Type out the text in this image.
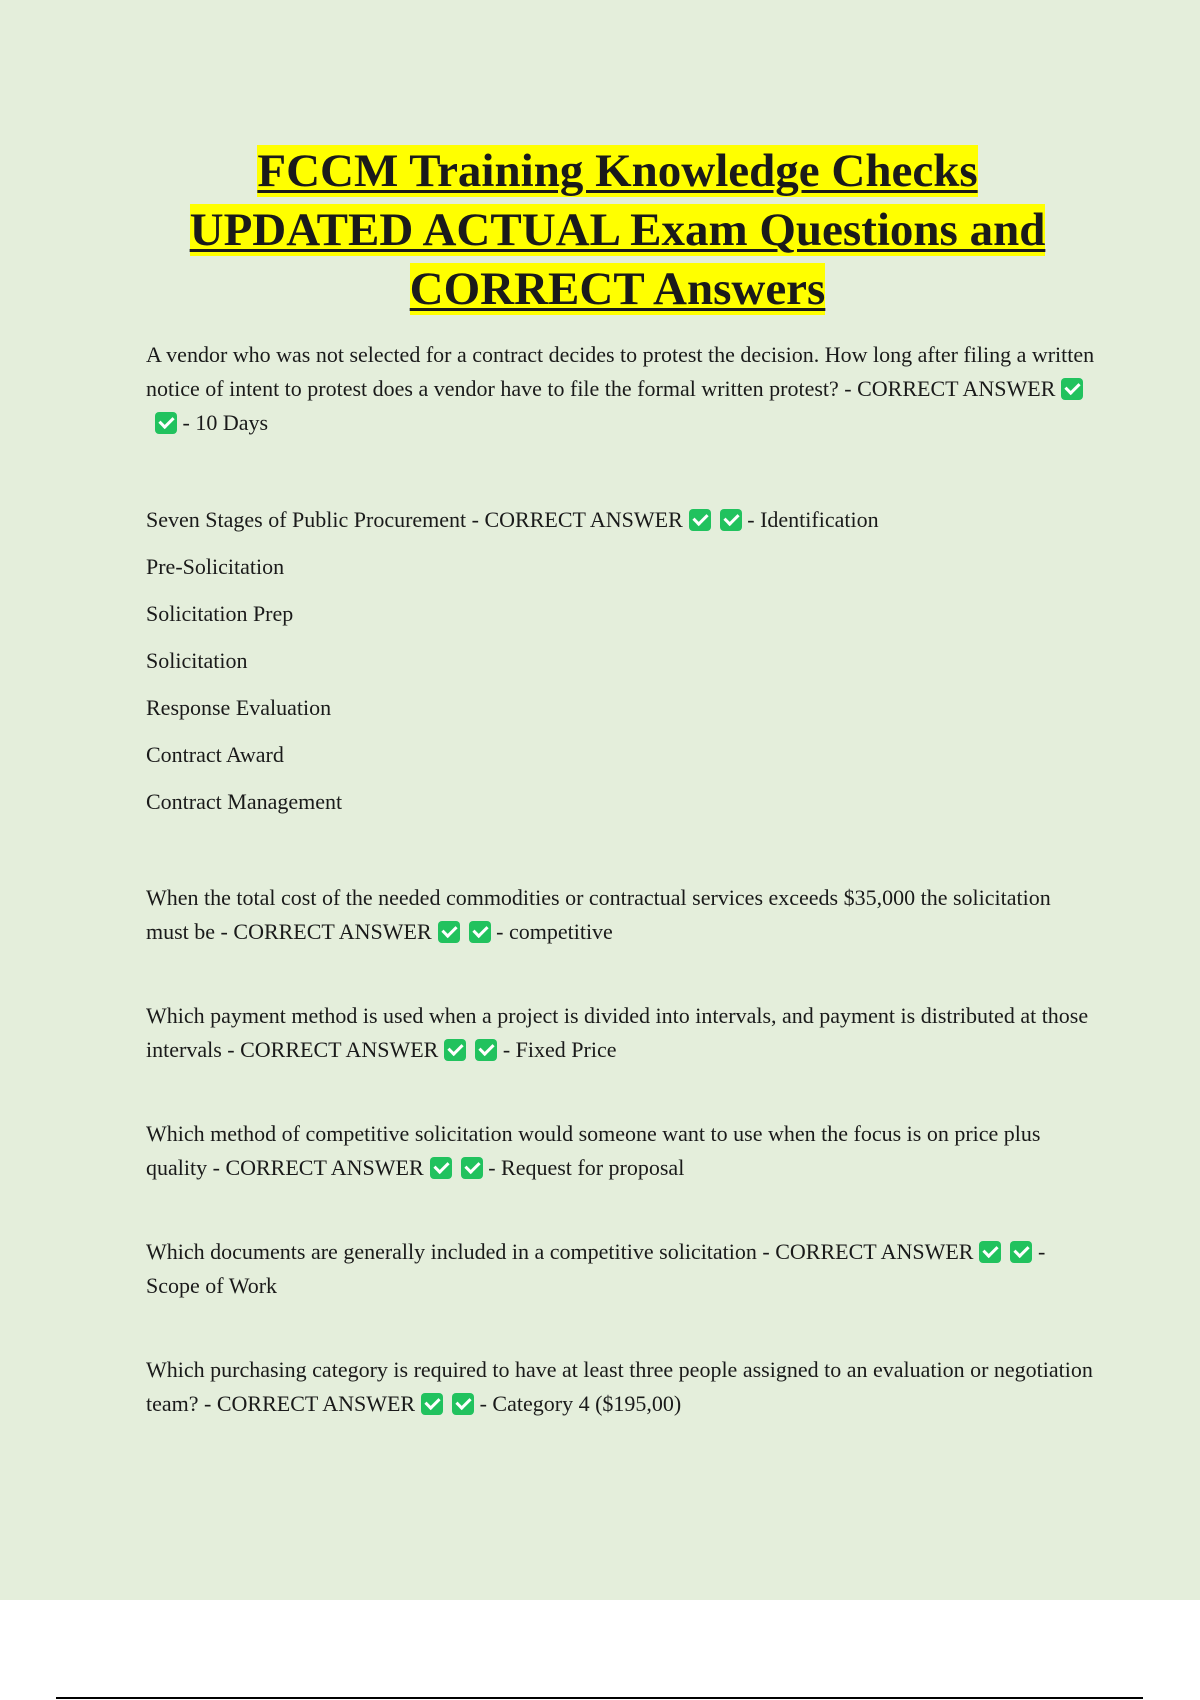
FCCM Training Knowledge Checks
UPDATED ACTUAL Exam Questions and
CORRECT Answers

A vendor who was not selected for a contract decides to protest the decision. How long after filing a written notice of intent to protest does a vendor have to file the formal written protest? - CORRECT ANSWER - 10 Days

Seven Stages of Public Procurement - CORRECT ANSWER	- Identification
Pre-Solicitation
Solicitation Prep
Solicitation
Response Evaluation
Contract Award
Contract Management

When the total cost of the needed commodities or contractual services exceeds $35,000 the solicitation must be - CORRECT ANSWER	- competitive

Which payment method is used when a project is divided into intervals, and payment is distributed at those intervals - CORRECT ANSWER	- Fixed Price

Which method of competitive solicitation would someone want to use when the focus is on price plus quality - CORRECT ANSWER	- Request for proposal

Which documents are generally included in a competitive solicitation - CORRECT ANSWER	- Scope of Work

Which purchasing category is required to have at least three people assigned to an evaluation or negotiation team? - CORRECT ANSWER	- Category 4 ($195,00)
